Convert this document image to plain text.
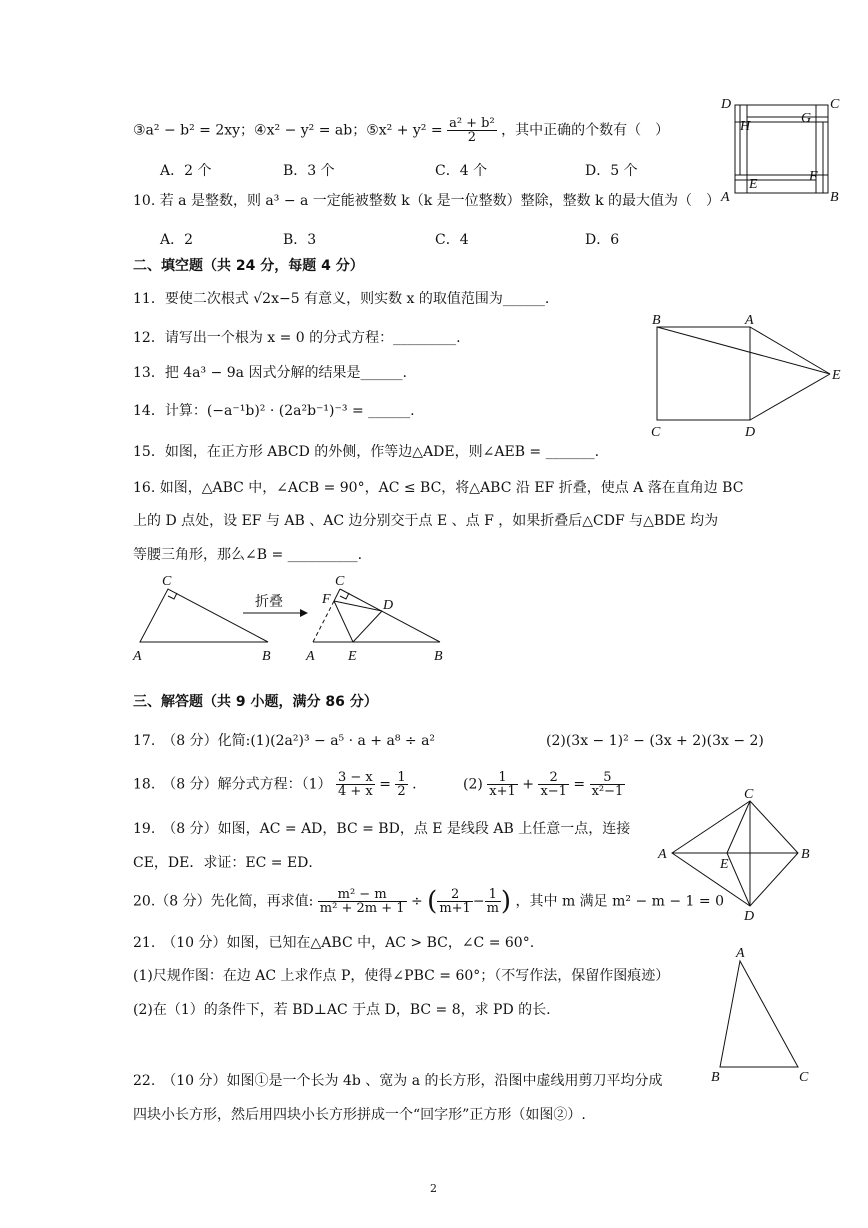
③a² − b² = 2xy；④x² − y² = ab；⑤x² + $y^2 = \frac{\text{a² + b²}}{2}$ ，其中正确的个数有（　）
A．2 个	B．3 个	C．4 个	D．5 个
D	C
H
G
E
F
A	B
10. 若 a 是整数，则 a³ − a 一定能被整数 k（k 是一位整数）整除，整数 k 的最大值为（　）
A．2	B．3	C．4	D．6
二、填空题（共 24 分，每题 4 分）
11．要使二次根式 √2x−5 有意义，则实数 x 的取值范围为______.
12．请写出一个根为 x = 0 的分式方程：_________.
13．把 4a³ − 9a 因式分解的结果是______.
14．计算：(−a⁻¹b)² · (2a²b⁻¹)⁻³ = ______.
15．如图，在正方形 ABCD 的外侧，作等边△ADE，则∠AEB = _______.
B	A
E
C	D
16. 如图，△ABC 中，∠ACB = 90°，AC ≤ BC，将△ABC 沿 EF 折叠，使点 A 落在直角边 BC
上的 D 点处，设 EF 与 AB 、AC 边分别交于点 E 、点 F ，如果折叠后△CDF 与△BDE 均为
等腰三角形，那么∠B = __________.
C
A	B
折叠
C
F	D
A E	B
三、解答题（共 9 小题，满分 86 分）
17.　（8 分）化简:(1)(2a²)³ − a⁵ · a + a⁸ ÷ a²	(2)(3x − 1)² − (3x + 2)(3x − 2)
18.　（8 分）解分式方程：$(1) \frac{3 - x}{4 + x} = \frac{1}{2}$ .	$(2) \frac{1}{x+1} + \frac{2}{x-1} = \frac{5}{\text{x²−1}}$
19.　（8 分）如图，AC = AD，BC = BD，点 E 是线段 AB 上任意一点，连接
CE，DE．求证：EC = ED．
C
A
E
B
D
20.（8 分）先化简，再求值: $\frac{\text{m² − m}}{\text{m² + 2m + 1}}$ ÷ ( $\frac{2}{m+1} - \frac{1}{m}$ ) ，其中 m 满足 m² − m − 1 = 0
21.　（10 分）如图，已知在△ABC 中，AC > BC，∠C = 60°.
(1)尺规作图：在边 AC 上求作点 P，使得∠PBC = 60°；（不写作法，保留作图痕迹）
(2)在（1）的条件下，若 BD⊥AC 于点 D，BC = 8，求 PD 的长.
A
B	C
22.　（10 分）如图①是一个长为 4b 、宽为 a 的长方形，沿图中虚线用剪刀平均分成
四块小长方形，然后用四块小长方形拼成一个“回字形”正方形（如图②）.
2
